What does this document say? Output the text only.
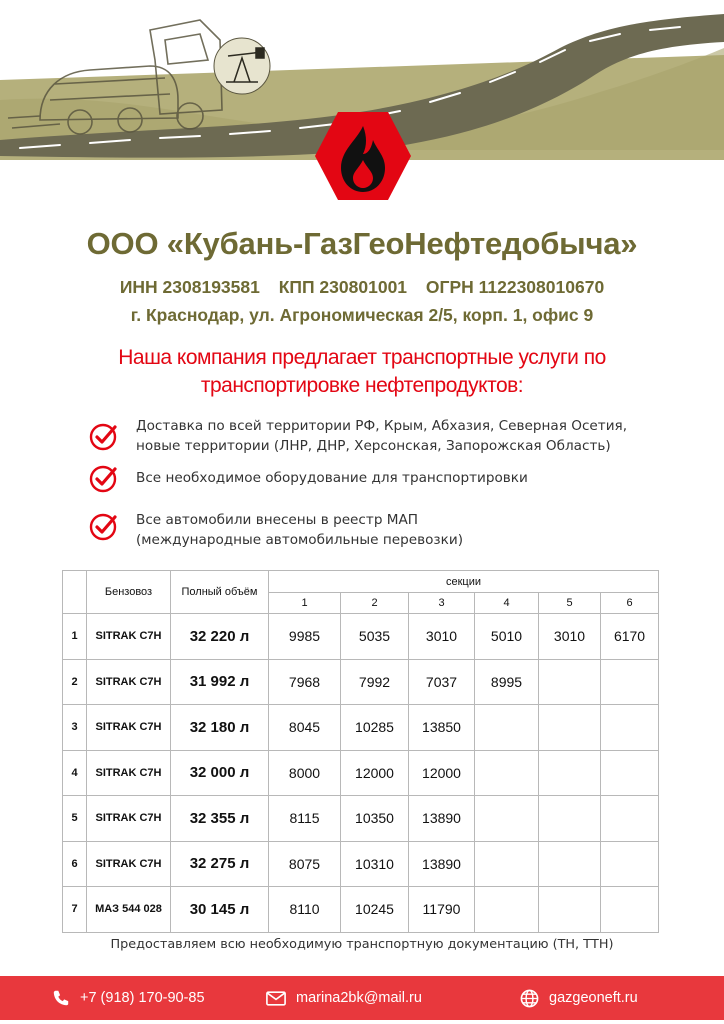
ООО «Кубань-ГазГеоНефтедобыча»
ИНН 2308193581 КПП 230801001 ОГРН 1122308010670
г. Краснодар, ул. Агрономическая 2/5, корп. 1, офис 9
Наша компания предлагает транспортные услуги по
транспортировке нефтепродуктов:
Доставка по всей территории РФ, Крым, Абхазия, Северная Осетия,
новые территории (ЛНР, ДНР, Херсонская, Запорожская Область)
Все необходимое оборудование для транспортировки
Все автомобили внесены в реестр МАП
(международные автомобильные перевозки)
	Бензовоз	Полный объём	секции					
			1	2	3	4	5	6
1	SITRAK C7H	32 220 л	9985	5035	3010	5010	3010	6170
2	SITRAK C7H	31 992 л	7968	7992	7037	8995		
3	SITRAK C7H	32 180 л	8045	10285	13850			
4	SITRAK C7H	32 000 л	8000	12000	12000			
5	SITRAK C7H	32 355 л	8115	10350	13890			
6	SITRAK C7H	32 275 л	8075	10310	13890			
7	МАЗ 544 028	30 145 л	8110	10245	11790			
Предоставляем всю необходимую транспортную документацию (ТН, ТТН)
+7 (918) 170-90-85	marina2bk@mail.ru	gazgeoneft.ru
